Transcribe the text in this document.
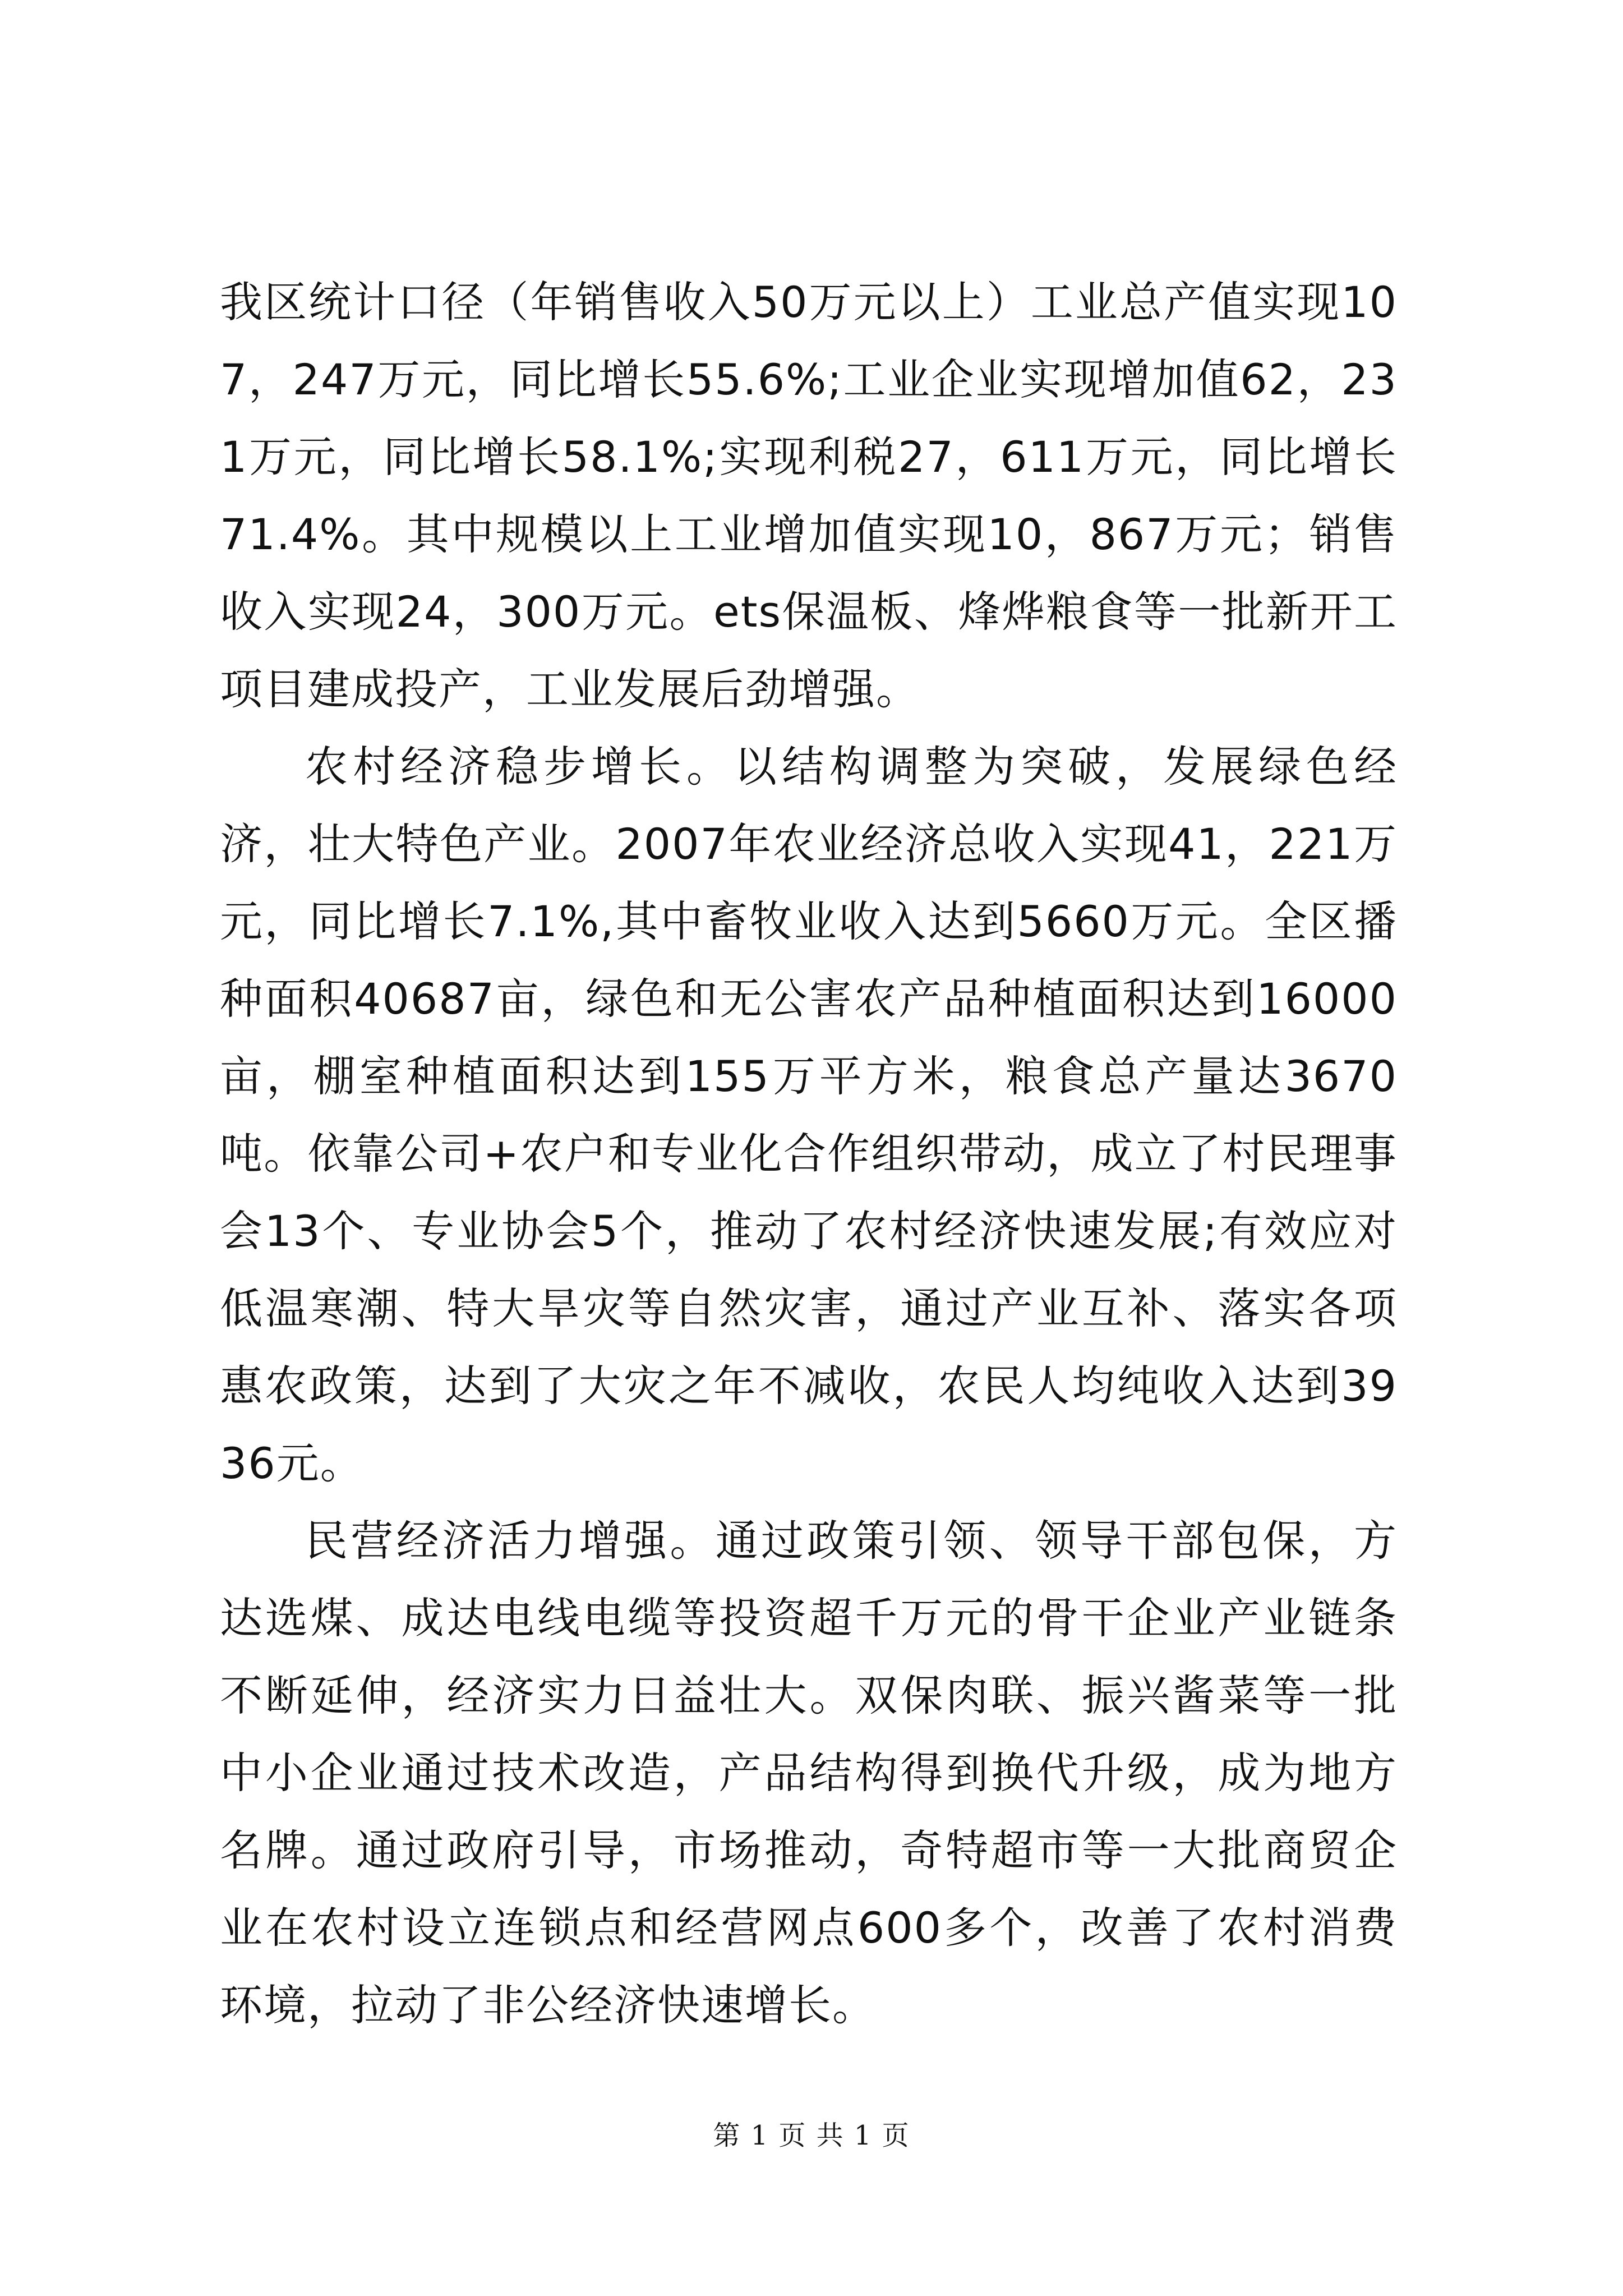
我区统计口径（年销售收入50万元以上）工业总产值实现107，247万元，同比增长55.6%;工业企业实现增加值62，231万元，同比增长58.1%;实现利税27，611万元，同比增长71.4%。其中规模以上工业增加值实现10，867万元；销售收入实现24，300万元。ets保温板、烽烨粮食等一批新开工项目建成投产，工业发展后劲增强。

农村经济稳步增长。以结构调整为突破，发展绿色经济，壮大特色产业。2007年农业经济总收入实现41，221万元，同比增长7.1%,其中畜牧业收入达到5660万元。全区播种面积40687亩，绿色和无公害农产品种植面积达到16000亩，棚室种植面积达到155万平方米，粮食总产量达3670吨。依靠公司+农户和专业化合作组织带动，成立了村民理事会13个、专业协会5个，推动了农村经济快速发展;有效应对低温寒潮、特大旱灾等自然灾害，通过产业互补、落实各项惠农政策，达到了大灾之年不减收，农民人均纯收入达到3936元。

民营经济活力增强。通过政策引领、领导干部包保，方达选煤、成达电线电缆等投资超千万元的骨干企业产业链条不断延伸，经济实力日益壮大。双保肉联、振兴酱菜等一批中小企业通过技术改造，产品结构得到换代升级，成为地方名牌。通过政府引导，市场推动，奇特超市等一大批商贸企业在农村设立连锁点和经营网点600多个，改善了农村消费环境，拉动了非公经济快速增长。

第 1 页 共 1 页
